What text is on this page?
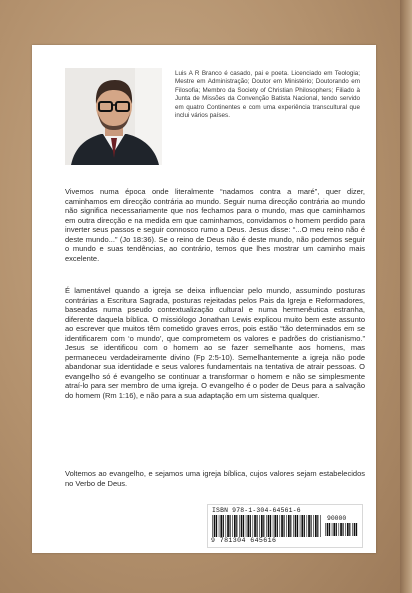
Luis A R Branco é casado, pai e poeta. Licenciado em Teologia; Mestre em Administração; Doutor em Ministério; Doutorando em Filosofia; Membro da Society of Christian Philosophers; Filiado à Junta de Missões da Convenção Batista Nacional, tendo servido em quatro Continentes e com uma experiência transcultural que inclui vários países.

Vivemos numa época onde literalmente “nadamos contra a maré”, quer dizer, caminhamos em direcção contrária ao mundo. Seguir numa direcção contrária ao mundo não significa necessariamente que nos fechamos para o mundo, mas que caminhamos em outra direcção e na medida em que caminhamos, convidamos o homem perdido para inverter seus passos e seguir connosco rumo a Deus. Jesus disse: “...O meu reino não é deste mundo...” (Jo 18:36). Se o reino de Deus não é deste mundo, não podemos seguir o mundo e suas tendências, ao contrário, temos que lhes mostrar um caminho mais excelente.

É lamentável quando a igreja se deixa influenciar pelo mundo, assumindo posturas contrárias a Escritura Sagrada, posturas rejeitadas pelos Pais da Igreja e Reformadores, baseadas numa pseudo contextualização cultural e numa hermenêutica estranha, diferente daquela bíblica. O missiólogo Jonathan Lewis explicou muito bem este assunto ao escrever que muitos têm cometido graves erros, pois estão “tão determinados em se identificarem com ‘o mundo’, que comprometem os valores e padrões do cristianismo.” Jesus se identificou com o homem ao se fazer semelhante aos homens, mas permaneceu verdadeiramente divino (Fp 2:5-10). Semelhantemente a igreja não pode abandonar sua identidade e seus valores fundamentais na tentativa de atrair pessoas. O evangelho só é evangelho se continuar a transformar o homem e não se simplesmente atraí-lo para ser membro de uma igreja. O evangelho é o poder de Deus para a salvação do homem (Rm 1:16), e não para a sua adaptação em um sistema qualquer.

Voltemos ao evangelho, e sejamos uma igreja bíblica, cujos valores sejam estabelecidos no Verbo de Deus.

ISBN 978-1-304-64561-6
90000
9 781304 645616
